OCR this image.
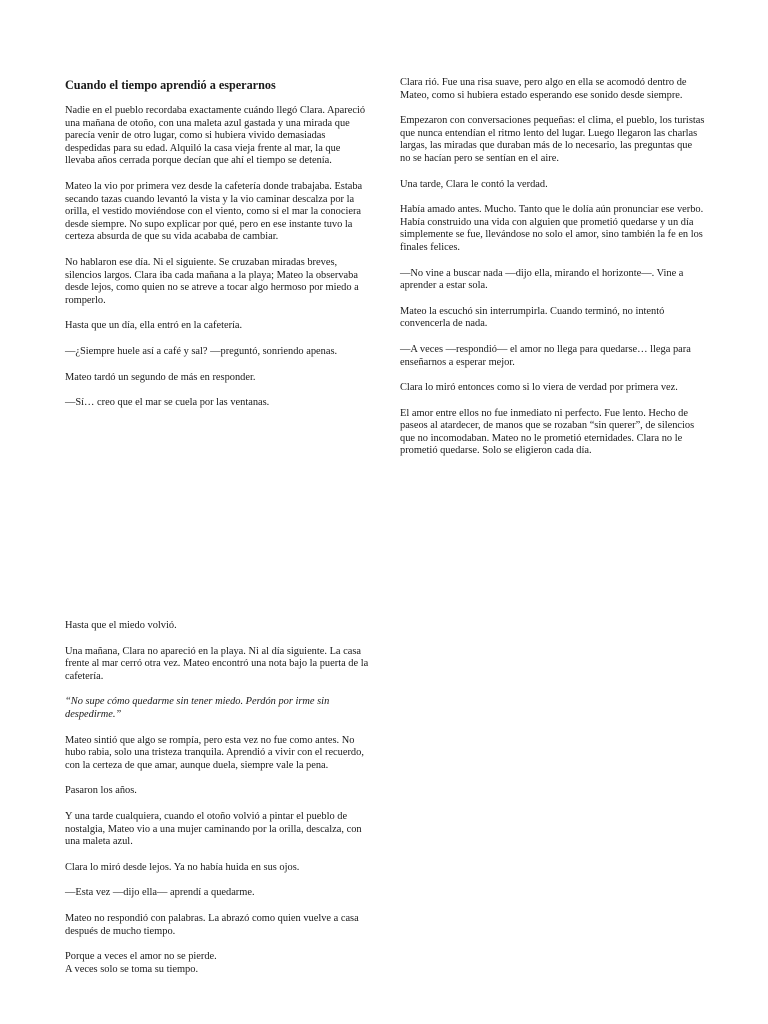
Cuando el tiempo aprendió a esperarnos

Nadie en el pueblo recordaba exactamente cuándo llegó Clara. Apareció una mañana de otoño, con una maleta azul gastada y una mirada que parecía venir de otro lugar, como si hubiera vivido demasiadas despedidas para su edad. Alquiló la casa vieja frente al mar, la que llevaba años cerrada porque decían que ahí el tiempo se detenía.

Mateo la vio por primera vez desde la cafetería donde trabajaba. Estaba secando tazas cuando levantó la vista y la vio caminar descalza por la orilla, el vestido moviéndose con el viento, como si el mar la conociera desde siempre. No supo explicar por qué, pero en ese instante tuvo la certeza absurda de que su vida acababa de cambiar.

No hablaron ese día. Ni el siguiente. Se cruzaban miradas breves, silencios largos. Clara iba cada mañana a la playa; Mateo la observaba desde lejos, como quien no se atreve a tocar algo hermoso por miedo a romperlo.

Hasta que un día, ella entró en la cafetería.

—¿Siempre huele así a café y sal? —preguntó, sonriendo apenas.

Mateo tardó un segundo de más en responder.

—Sí… creo que el mar se cuela por las ventanas.

Clara rió. Fue una risa suave, pero algo en ella se acomodó dentro de Mateo, como si hubiera estado esperando ese sonido desde siempre.

Empezaron con conversaciones pequeñas: el clima, el pueblo, los turistas que nunca entendían el ritmo lento del lugar. Luego llegaron las charlas largas, las miradas que duraban más de lo necesario, las preguntas que no se hacían pero se sentían en el aire.

Una tarde, Clara le contó la verdad.

Había amado antes. Mucho. Tanto que le dolía aún pronunciar ese verbo. Había construido una vida con alguien que prometió quedarse y un día simplemente se fue, llevándose no solo el amor, sino también la fe en los finales felices.

—No vine a buscar nada —dijo ella, mirando el horizonte—. Vine a aprender a estar sola.

Mateo la escuchó sin interrumpirla. Cuando terminó, no intentó convencerla de nada.

—A veces —respondió— el amor no llega para quedarse… llega para enseñarnos a esperar mejor.

Clara lo miró entonces como si lo viera de verdad por primera vez.

El amor entre ellos no fue inmediato ni perfecto. Fue lento. Hecho de paseos al atardecer, de manos que se rozaban “sin querer”, de silencios que no incomodaban. Mateo no le prometió eternidades. Clara no le prometió quedarse. Solo se eligieron cada día.

Hasta que el miedo volvió.

Una mañana, Clara no apareció en la playa. Ni al día siguiente. La casa frente al mar cerró otra vez. Mateo encontró una nota bajo la puerta de la cafetería.

“No supe cómo quedarme sin tener miedo. Perdón por irme sin despedirme.”

Mateo sintió que algo se rompía, pero esta vez no fue como antes. No hubo rabia, solo una tristeza tranquila. Aprendió a vivir con el recuerdo, con la certeza de que amar, aunque duela, siempre vale la pena.

Pasaron los años.

Y una tarde cualquiera, cuando el otoño volvió a pintar el pueblo de nostalgia, Mateo vio a una mujer caminando por la orilla, descalza, con una maleta azul.

Clara lo miró desde lejos. Ya no había huida en sus ojos.

—Esta vez —dijo ella— aprendí a quedarme.

Mateo no respondió con palabras. La abrazó como quien vuelve a casa después de mucho tiempo.

Porque a veces el amor no se pierde.
A veces solo se toma su tiempo.
